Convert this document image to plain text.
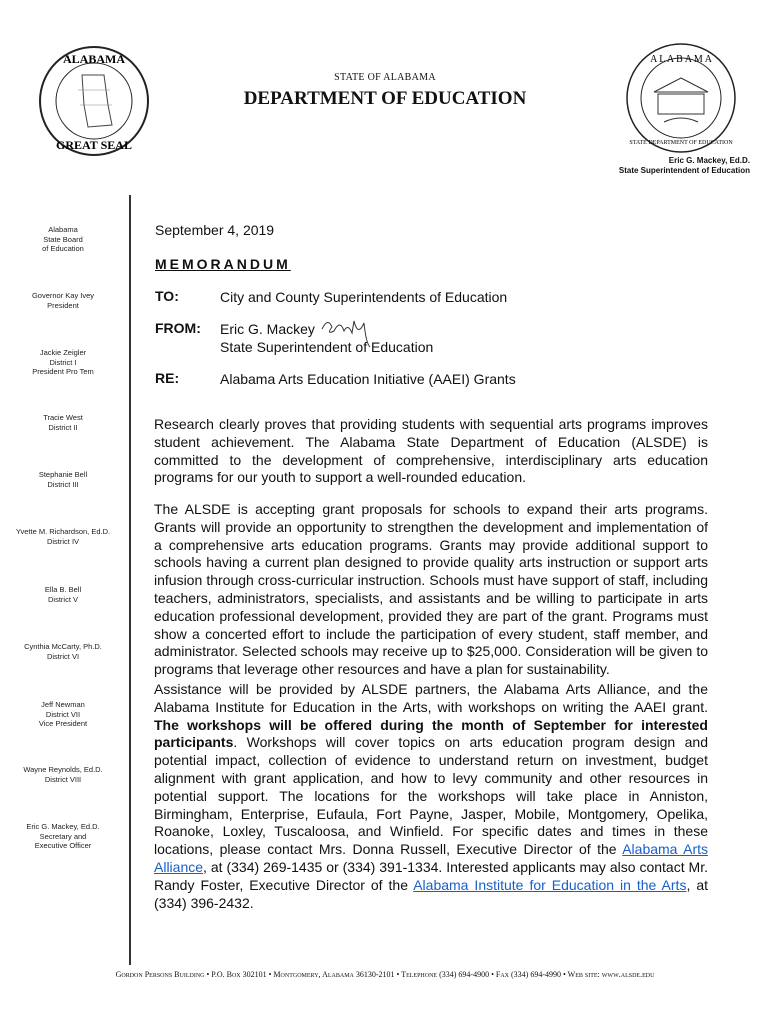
ALABAMA
GREAT SEAL
A L A B A M A
STATE DEPARTMENT OF EDUCATION
STATE OF ALABAMA
DEPARTMENT OF EDUCATION
Eric G. Mackey, Ed.D.
State Superintendent of Education
Alabama
State Board
of Education
Governor Kay Ivey
President
Jackie Zeigler
District I
President Pro Tem
Tracie West
District II
Stephanie Bell
District III
Yvette M. Richardson, Ed.D.
District IV
Ella B. Bell
District V
Cynthia McCarty, Ph.D.
District VI
Jeff Newman
District VII
Vice President
Wayne Reynolds, Ed.D.
District VIII
Eric G. Mackey, Ed.D.
Secretary and
Executive Officer
September 4, 2019
MEMORANDUM
TO:	City and County Superintendents of Education
FROM: Eric G. Mackey
State Superintendent of Education
RE:	Alabama Arts Education Initiative (AAEI) Grants
Research clearly proves that providing students with sequential arts programs improves student achievement. The Alabama State Department of Education (ALSDE) is committed to the development of comprehensive, interdisciplinary arts education programs for our youth to support a well-rounded education.
The ALSDE is accepting grant proposals for schools to expand their arts programs. Grants will provide an opportunity to strengthen the development and implementation of a comprehensive arts education programs. Grants may provide additional support to schools having a current plan designed to provide quality arts instruction or support arts infusion through cross-curricular instruction. Schools must have support of staff, including teachers, administrators, specialists, and assistants and be willing to participate in arts education professional development, provided they are part of the grant. Programs must show a concerted effort to include the participation of every student, staff member, and administrator. Selected schools may receive up to $25,000. Consideration will be given to programs that leverage other resources and have a plan for sustainability.
Assistance will be provided by ALSDE partners, the Alabama Arts Alliance, and the Alabama Institute for Education in the Arts, with workshops on writing the AAEI grant. The workshops will be offered during the month of September for interested participants. Workshops will cover topics on arts education program design and potential impact, collection of evidence to understand return on investment, budget alignment with grant application, and how to levy community and other resources in potential support. The locations for the workshops will take place in Anniston, Birmingham, Enterprise, Eufaula, Fort Payne, Jasper, Mobile, Montgomery, Opelika, Roanoke, Loxley, Tuscaloosa, and Winfield. For specific dates and times in these locations, please contact Mrs. Donna Russell, Executive Director of the Alabama Arts Alliance, at (334) 269-1435 or (334) 391-1334. Interested applicants may also contact Mr. Randy Foster, Executive Director of the Alabama Institute for Education in the Arts, at (334) 396-2432.
Gordon Persons Building • P.O. Box 302101 • Montgomery, Alabama 36130-2101 • Telephone (334) 694-4900 • Fax (334) 694-4990 • Web site: www.alsde.edu
